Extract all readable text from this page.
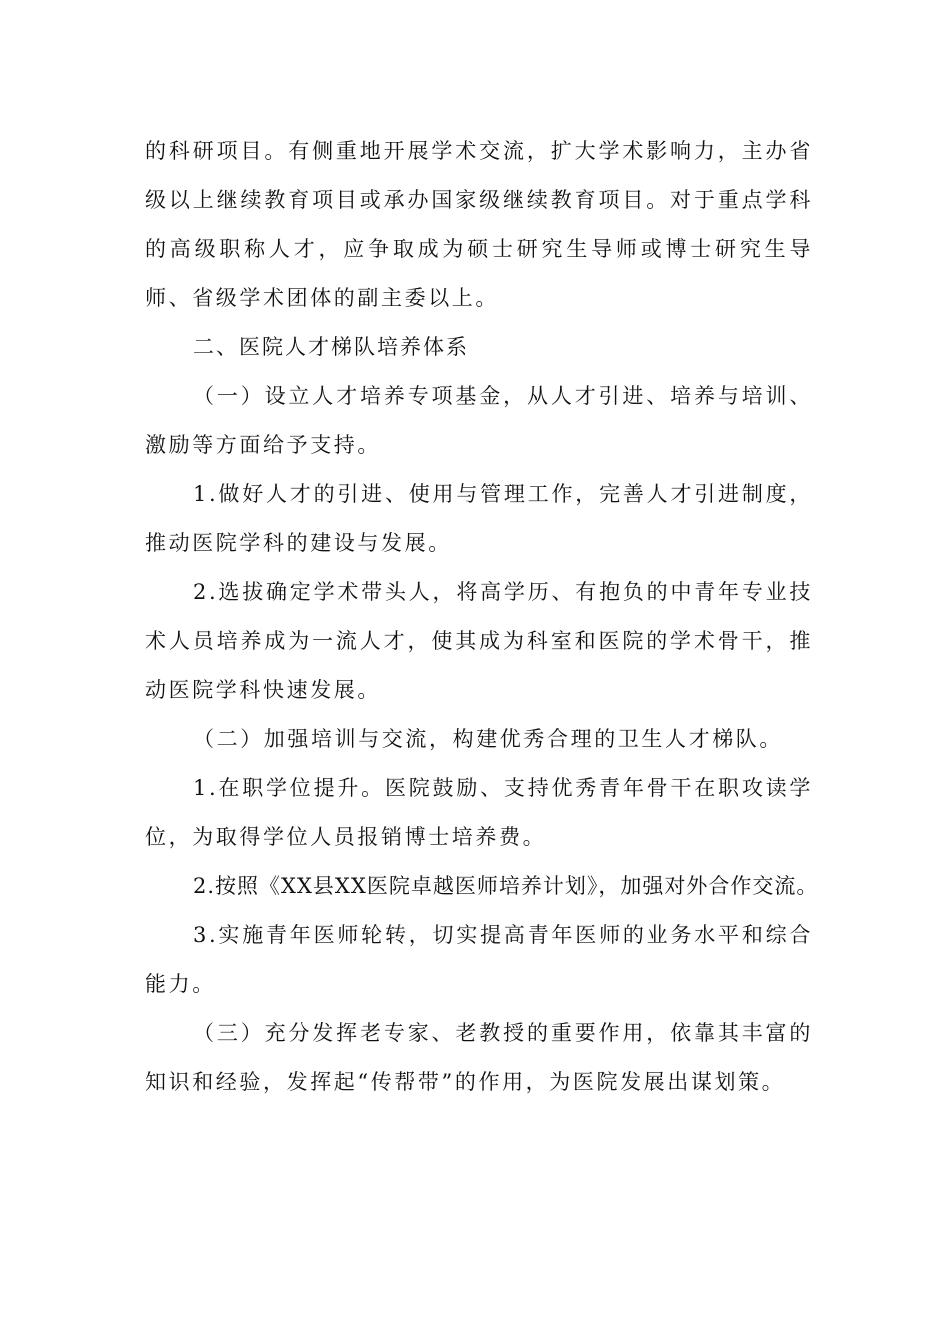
的科研项目。有侧重地开展学术交流，扩大学术影响力，主办省级以上继续教育项目或承办国家级继续教育项目。对于重点学科的高级职称人才，应争取成为硕士研究生导师或博士研究生导师、省级学术团体的副主委以上。

二、医院人才梯队培养体系

（一）设立人才培养专项基金，从人才引进、培养与培训、激励等方面给予支持。

1.做好人才的引进、使用与管理工作，完善人才引进制度，推动医院学科的建设与发展。

2.选拔确定学术带头人，将高学历、有抱负的中青年专业技术人员培养成为一流人才，使其成为科室和医院的学术骨干，推动医院学科快速发展。

（二）加强培训与交流，构建优秀合理的卫生人才梯队。

1.在职学位提升。医院鼓励、支持优秀青年骨干在职攻读学位，为取得学位人员报销博士培养费。

2.按照《XX县XX医院卓越医师培养计划》，加强对外合作交流。

3.实施青年医师轮转，切实提高青年医师的业务水平和综合能力。

（三）充分发挥老专家、老教授的重要作用，依靠其丰富的知识和经验，发挥起“传帮带”的作用，为医院发展出谋划策。
